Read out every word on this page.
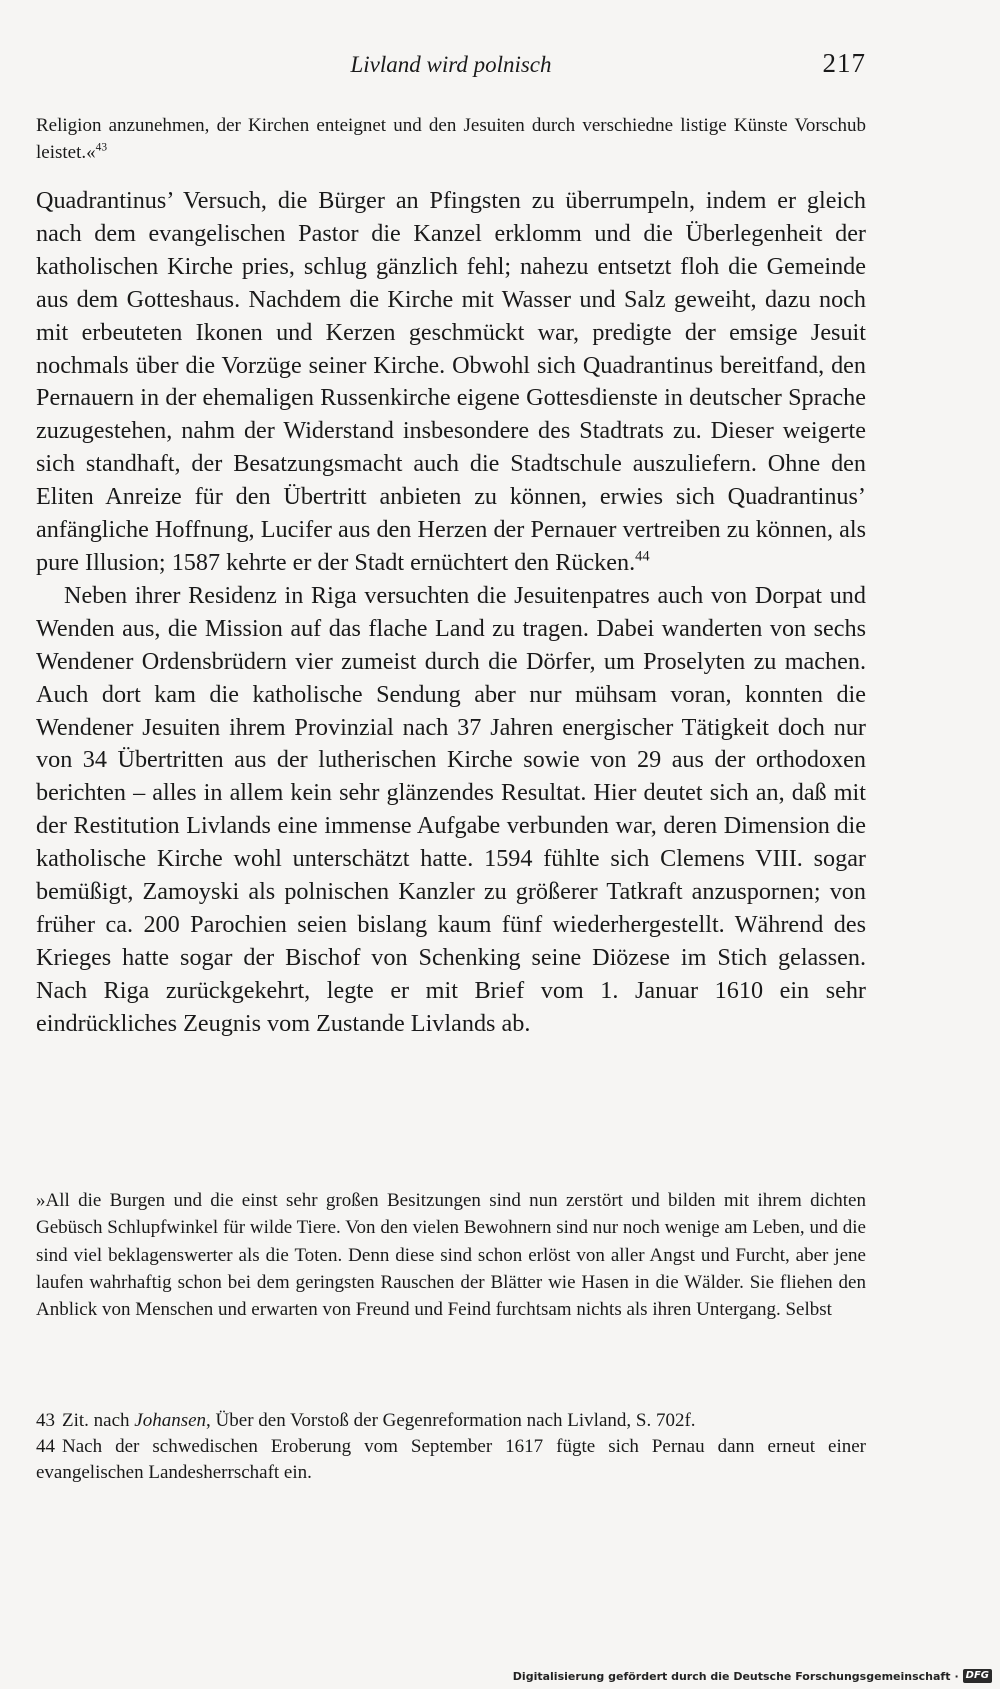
Livland wird polnisch	217
Religion anzunehmen, der Kirchen enteignet und den Jesuiten durch verschiedne listige Künste Vorschub leistet.«$^{43}$

Quadrantinus’ Versuch, die Bürger an Pfingsten zu überrumpeln, indem er gleich nach dem evangelischen Pastor die Kanzel erklomm und die Überlegenheit der katholischen Kirche pries, schlug gänzlich fehl; nahezu entsetzt floh die Gemeinde aus dem Gotteshaus. Nachdem die Kirche mit Wasser und Salz geweiht, dazu noch mit erbeuteten Ikonen und Kerzen geschmückt war, predigte der emsige Jesuit nochmals über die Vorzüge seiner Kirche. Obwohl sich Quadrantinus bereitfand, den Pernauern in der ehemaligen Russenkirche eigene Gottesdienste in deutscher Sprache zuzugestehen, nahm der Widerstand insbesondere des Stadtrats zu. Dieser weigerte sich standhaft, der Besatzungsmacht auch die Stadtschule auszuliefern. Ohne den Eliten Anreize für den Übertritt anbieten zu können, erwies sich Quadrantinus’ anfängliche Hoffnung, Lucifer aus den Herzen der Pernauer vertreiben zu können, als pure Illusion; 1587 kehrte er der Stadt ernüchtert den Rücken.$^{44}$

Neben ihrer Residenz in Riga versuchten die Jesuitenpatres auch von Dorpat und Wenden aus, die Mission auf das flache Land zu tragen. Dabei wanderten von sechs Wendener Ordensbrüdern vier zumeist durch die Dörfer, um Proselyten zu machen. Auch dort kam die katholische Sendung aber nur mühsam voran, konnten die Wendener Jesuiten ihrem Provinzial nach 37 Jahren energischer Tätigkeit doch nur von 34 Übertritten aus der lutherischen Kirche sowie von 29 aus der orthodoxen berichten – alles in allem kein sehr glänzendes Resultat. Hier deutet sich an, daß mit der Restitution Livlands eine immense Aufgabe verbunden war, deren Dimension die katholische Kirche wohl unterschätzt hatte. 1594 fühlte sich Clemens VIII. sogar bemüßigt, Zamoyski als polnischen Kanzler zu größerer Tatkraft anzuspornen; von früher ca. 200 Parochien seien bislang kaum fünf wiederhergestellt. Während des Krieges hatte sogar der Bischof von Schenking seine Diözese im Stich gelassen. Nach Riga zurückgekehrt, legte er mit Brief vom 1. Januar 1610 ein sehr eindrückliches Zeugnis vom Zustande Livlands ab.

»All die Burgen und die einst sehr großen Besitzungen sind nun zerstört und bilden mit ihrem dichten Gebüsch Schlupfwinkel für wilde Tiere. Von den vielen Bewohnern sind nur noch wenige am Leben, und die sind viel beklagenswerter als die Toten. Denn diese sind schon erlöst von aller Angst und Furcht, aber jene laufen wahrhaftig schon bei dem geringsten Rauschen der Blätter wie Hasen in die Wälder. Sie fliehen den Anblick von Menschen und erwarten von Freund und Feind furchtsam nichts als ihren Untergang. Selbst

43 Zit. nach Johansen, Über den Vorstoß der Gegenreformation nach Livland, S. 702f.

44 Nach der schwedischen Eroberung vom September 1617 fügte sich Pernau dann erneut einer evangelischen Landesherrschaft ein.

Digitalisierung gefördert durch die Deutsche Forschungsgemeinschaft · DFG
